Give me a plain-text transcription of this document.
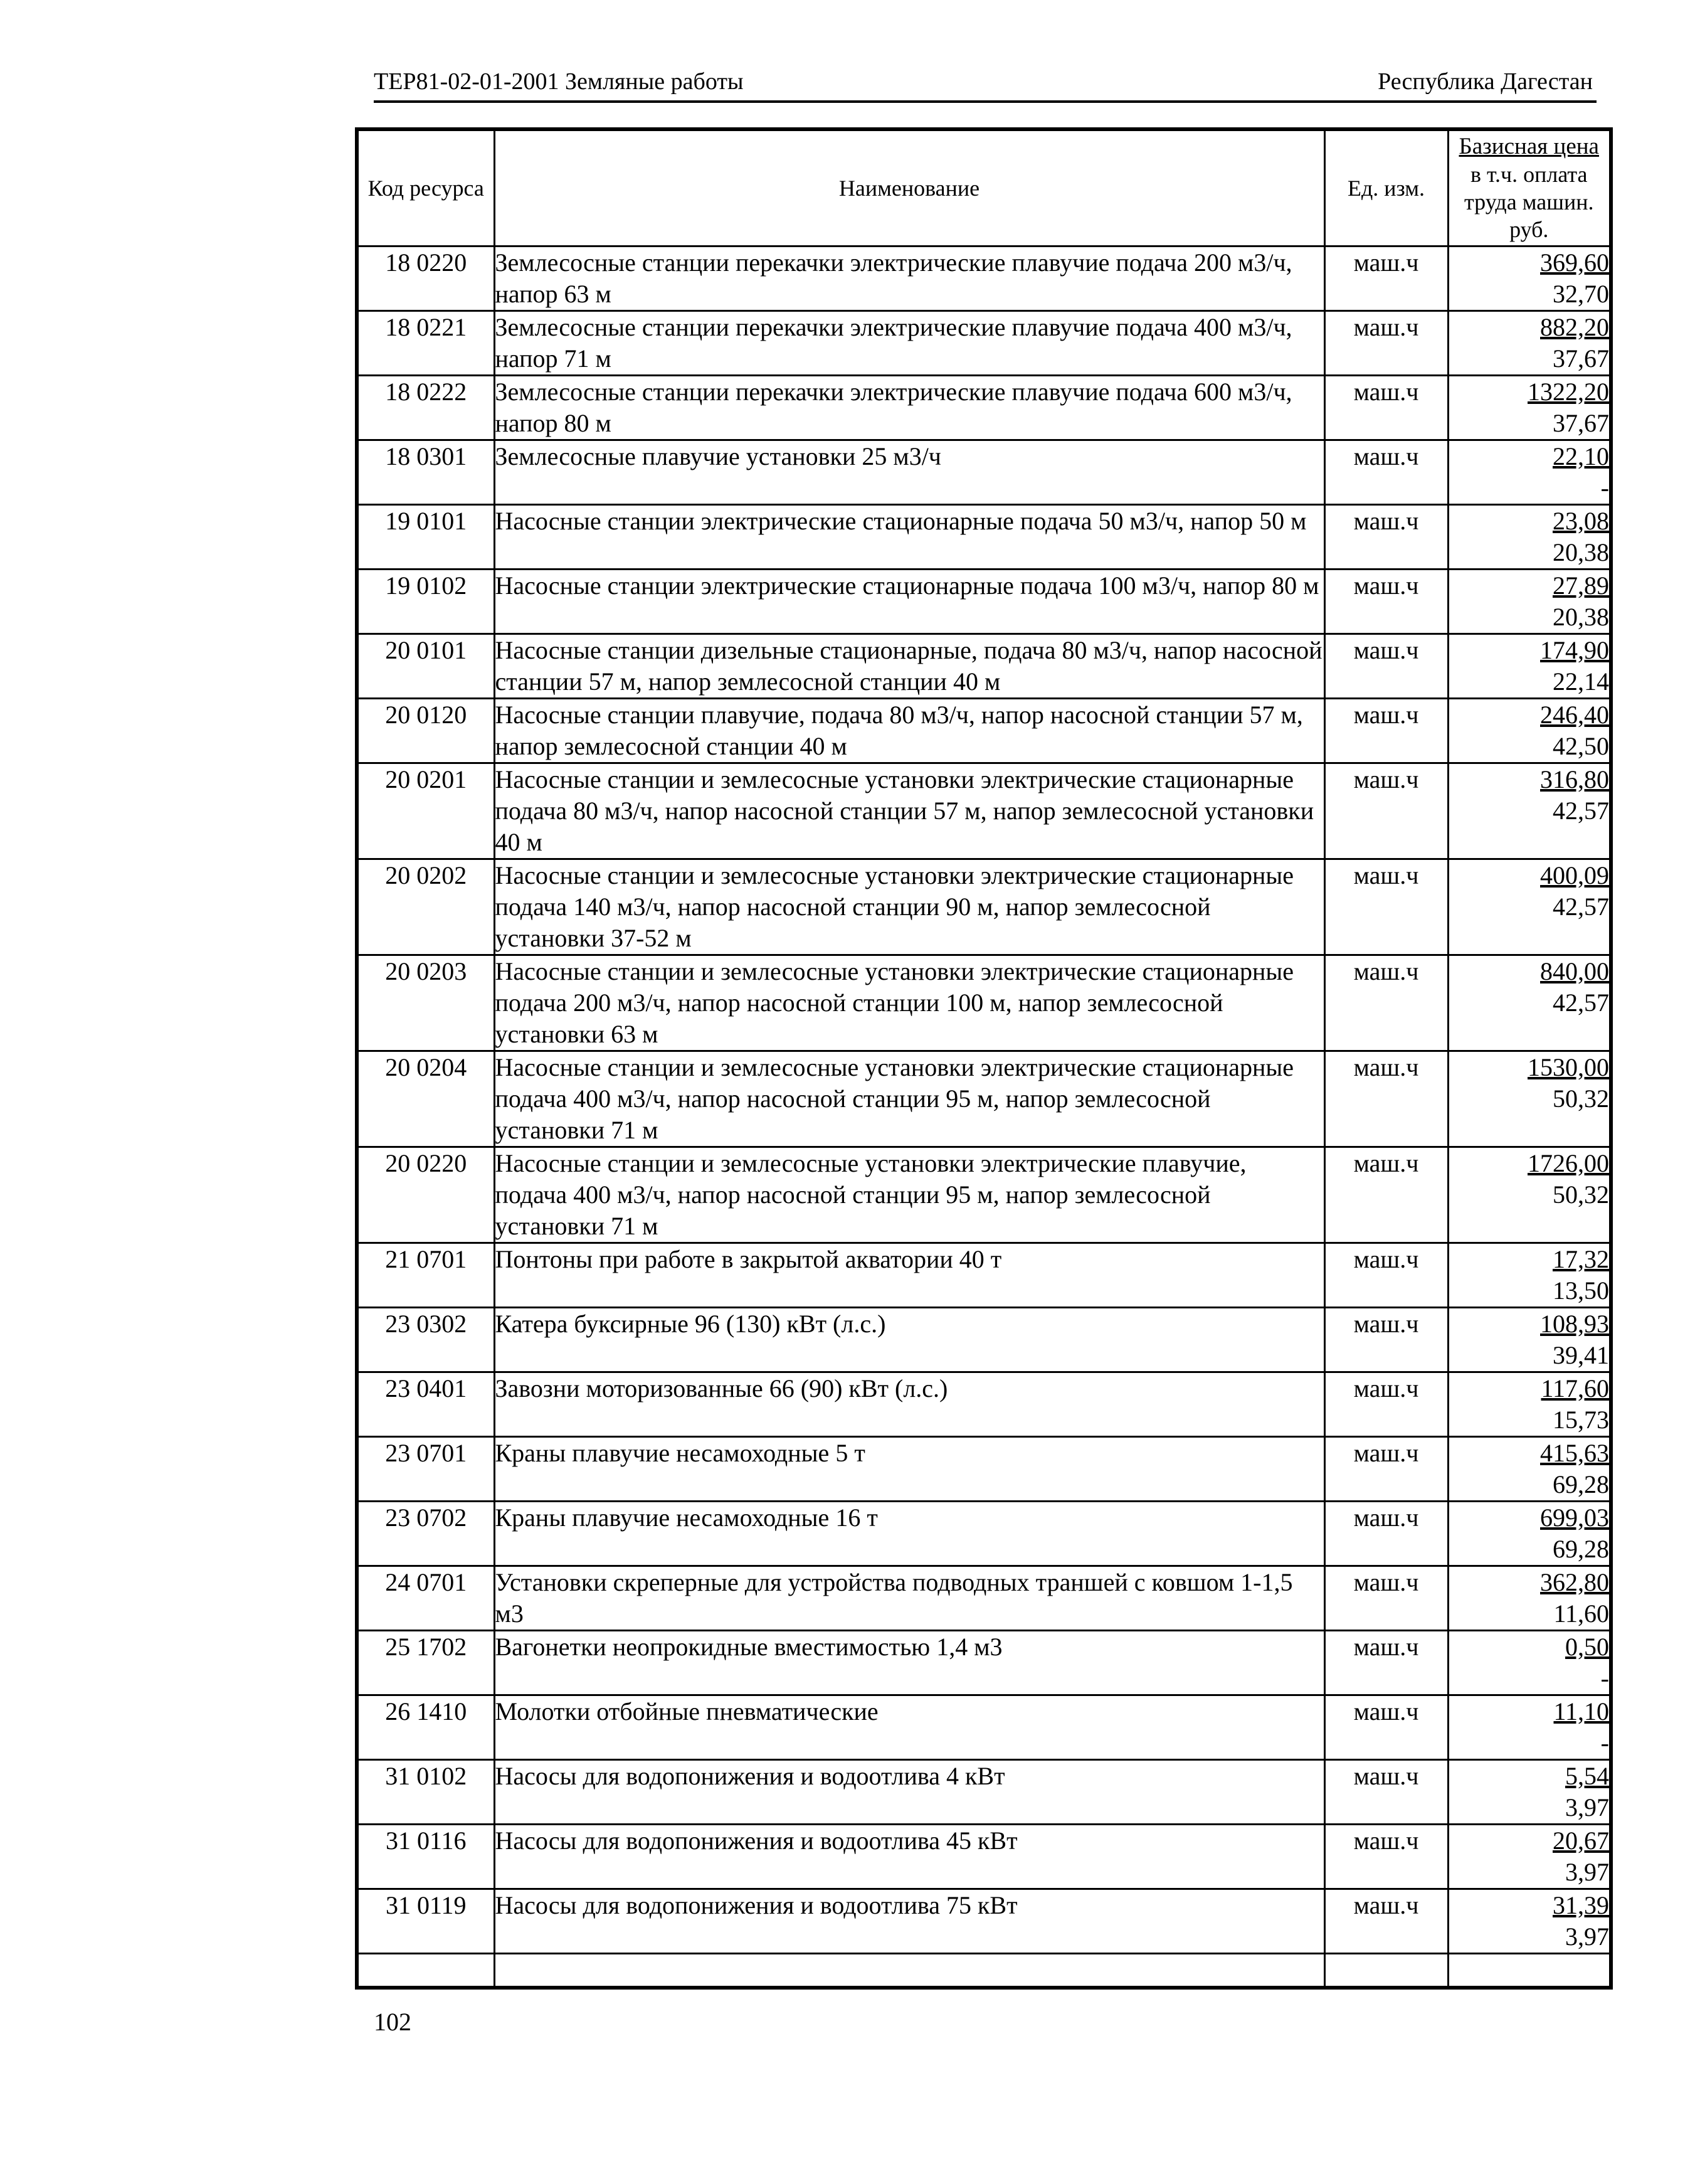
ТЕР81-02-01-2001 Земляные работы	Республика Дагестан
Код ресурса	Наименование	Ед. изм.	Базисная цена
в т.ч. оплата
труда машин.
руб.

18 0220	Землесосные станции перекачки электрические плавучие подача 200 м3/ч, напор 63 м	маш.ч	369,60
32,70

18 0221	Землесосные станции перекачки электрические плавучие подача 400 м3/ч, напор 71 м	маш.ч	882,20
37,67

18 0222	Землесосные станции перекачки электрические плавучие подача 600 м3/ч, напор 80 м	маш.ч	1322,20
37,67

18 0301	Землесосные плавучие установки 25 м3/ч	маш.ч	22,10
-

19 0101	Насосные станции электрические стационарные подача 50 м3/ч, напор 50 м	маш.ч	23,08
20,38

19 0102	Насосные станции электрические стационарные подача 100 м3/ч, напор 80 м	маш.ч	27,89
20,38

20 0101	Насосные станции дизельные стационарные, подача 80 м3/ч, напор насосной станции 57 м, напор землесосной станции 40 м	маш.ч	174,90
22,14

20 0120	Насосные станции плавучие, подача 80 м3/ч, напор насосной станции 57 м, напор землесосной станции 40 м	маш.ч	246,40
42,50

20 0201	Насосные станции и землесосные установки электрические стационарные подача 80 м3/ч, напор насосной станции 57 м, напор землесосной установки 40 м	маш.ч	316,80
42,57

20 0202	Насосные станции и землесосные установки электрические стационарные подача 140 м3/ч, напор насосной станции 90 м, напор землесосной установки 37-52 м	маш.ч	400,09
42,57

20 0203	Насосные станции и землесосные установки электрические стационарные подача 200 м3/ч, напор насосной станции 100 м, напор землесосной установки 63 м	маш.ч	840,00
42,57

20 0204	Насосные станции и землесосные установки электрические стационарные подача 400 м3/ч, напор насосной станции 95 м, напор землесосной установки 71 м	маш.ч	1530,00
50,32

20 0220	Насосные станции и землесосные установки электрические плавучие, подача 400 м3/ч, напор насосной станции 95 м, напор землесосной установки 71 м	маш.ч	1726,00
50,32

21 0701	Понтоны при работе в закрытой акватории 40 т	маш.ч	17,32
13,50

23 0302	Катера буксирные 96 (130) кВт (л.с.)	маш.ч	108,93
39,41

23 0401	Завозни моторизованные 66 (90) кВт (л.с.)	маш.ч	117,60
15,73

23 0701	Краны плавучие несамоходные 5 т	маш.ч	415,63
69,28

23 0702	Краны плавучие несамоходные 16 т	маш.ч	699,03
69,28

24 0701	Установки скреперные для устройства подводных траншей с ковшом 1-1,5 м3	маш.ч	362,80
11,60

25 1702	Вагонетки неопрокидные вместимостью 1,4 м3	маш.ч	0,50
-

26 1410	Молотки отбойные пневматические	маш.ч	11,10
-

31 0102	Насосы для водопонижения и водоотлива 4 кВт	маш.ч	5,54
3,97

31 0116	Насосы для водопонижения и водоотлива 45 кВт	маш.ч	20,67
3,97

31 0119	Насосы для водопонижения и водоотлива 75 кВт	маш.ч	31,39
3,97

102
